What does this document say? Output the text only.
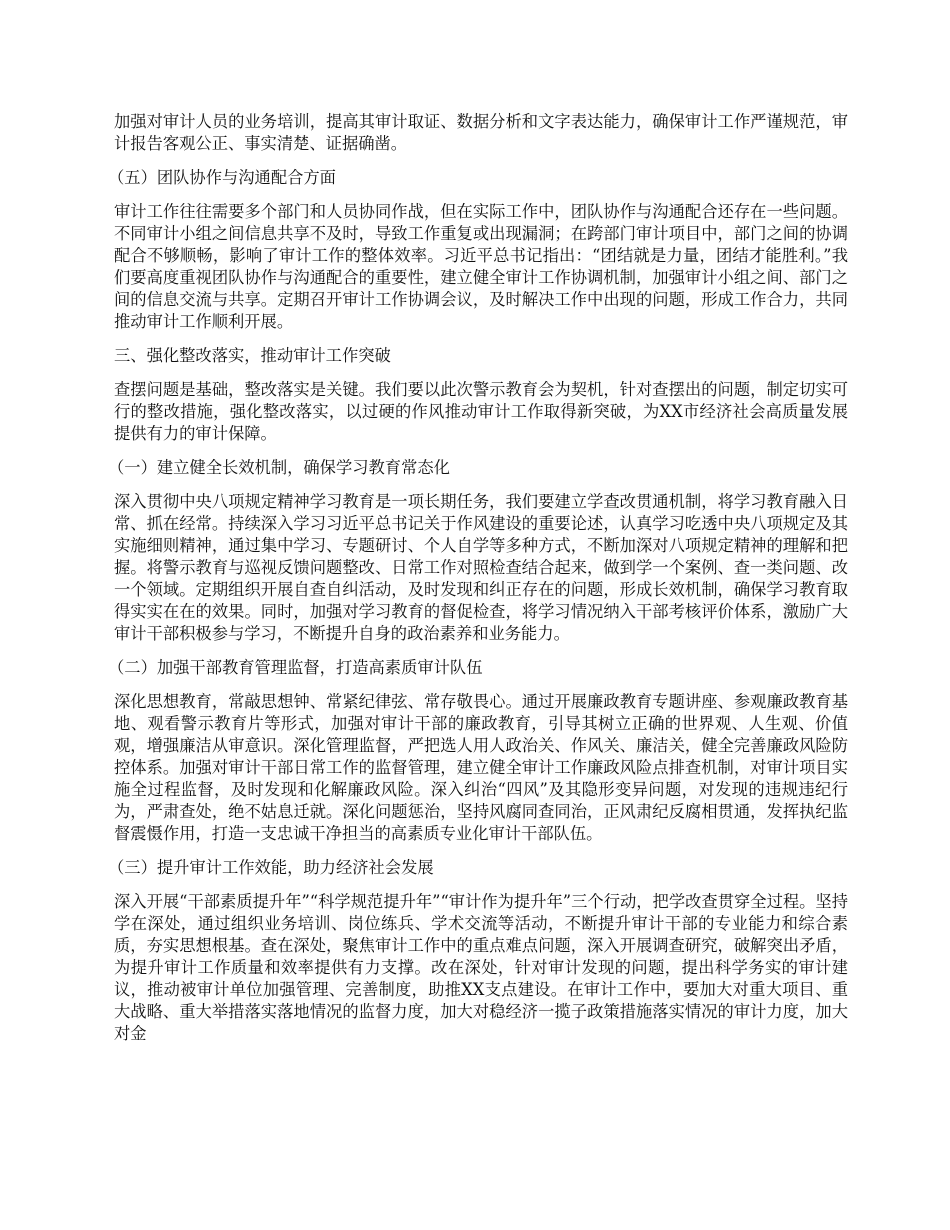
加强对审计人员的业务培训，提高其审计取证、数据分析和文字表达能力，确保审计工作严谨规范，审计报告客观公正、事实清楚、证据确凿。

（五）团队协作与沟通配合方面

审计工作往往需要多个部门和人员协同作战，但在实际工作中，团队协作与沟通配合还存在一些问题。不同审计小组之间信息共享不及时，导致工作重复或出现漏洞；在跨部门审计项目中，部门之间的协调配合不够顺畅，影响了审计工作的整体效率。习近平总书记指出：“团结就是力量，团结才能胜利。”我们要高度重视团队协作与沟通配合的重要性，建立健全审计工作协调机制，加强审计小组之间、部门之间的信息交流与共享。定期召开审计工作协调会议，及时解决工作中出现的问题，形成工作合力，共同推动审计工作顺利开展。

三、强化整改落实，推动审计工作突破

查摆问题是基础，整改落实是关键。我们要以此次警示教育会为契机，针对查摆出的问题，制定切实可行的整改措施，强化整改落实，以过硬的作风推动审计工作取得新突破，为XX市经济社会高质量发展提供有力的审计保障。

（一）建立健全长效机制，确保学习教育常态化

深入贯彻中央八项规定精神学习教育是一项长期任务，我们要建立学查改贯通机制，将学习教育融入日常、抓在经常。持续深入学习习近平总书记关于作风建设的重要论述，认真学习吃透中央八项规定及其实施细则精神，通过集中学习、专题研讨、个人自学等多种方式，不断加深对八项规定精神的理解和把握。将警示教育与巡视反馈问题整改、日常工作对照检查结合起来，做到学一个案例、查一类问题、改一个领域。定期组织开展自查自纠活动，及时发现和纠正存在的问题，形成长效机制，确保学习教育取得实实在在的效果。同时，加强对学习教育的督促检查，将学习情况纳入干部考核评价体系，激励广大审计干部积极参与学习，不断提升自身的政治素养和业务能力。

（二）加强干部教育管理监督，打造高素质审计队伍

深化思想教育，常敲思想钟、常紧纪律弦、常存敬畏心。通过开展廉政教育专题讲座、参观廉政教育基地、观看警示教育片等形式，加强对审计干部的廉政教育，引导其树立正确的世界观、人生观、价值观，增强廉洁从审意识。深化管理监督，严把选人用人政治关、作风关、廉洁关，健全完善廉政风险防控体系。加强对审计干部日常工作的监督管理，建立健全审计工作廉政风险点排查机制，对审计项目实施全过程监督，及时发现和化解廉政风险。深入纠治“四风”及其隐形变异问题，对发现的违规违纪行为，严肃查处，绝不姑息迁就。深化问题惩治，坚持风腐同查同治，正风肃纪反腐相贯通，发挥执纪监督震慑作用，打造一支忠诚干净担当的高素质专业化审计干部队伍。

（三）提升审计工作效能，助力经济社会发展

深入开展“干部素质提升年”“科学规范提升年”“审计作为提升年”三个行动，把学改查贯穿全过程。坚持学在深处，通过组织业务培训、岗位练兵、学术交流等活动，不断提升审计干部的专业能力和综合素质，夯实思想根基。查在深处，聚焦审计工作中的重点难点问题，深入开展调查研究，破解突出矛盾，为提升审计工作质量和效率提供有力支撑。改在深处，针对审计发现的问题，提出科学务实的审计建议，推动被审计单位加强管理、完善制度，助推XX支点建设。在审计工作中，要加大对重大项目、重大战略、重大举措落实落地情况的监督力度，加大对稳经济一揽子政策措施落实情况的审计力度，加大对金
